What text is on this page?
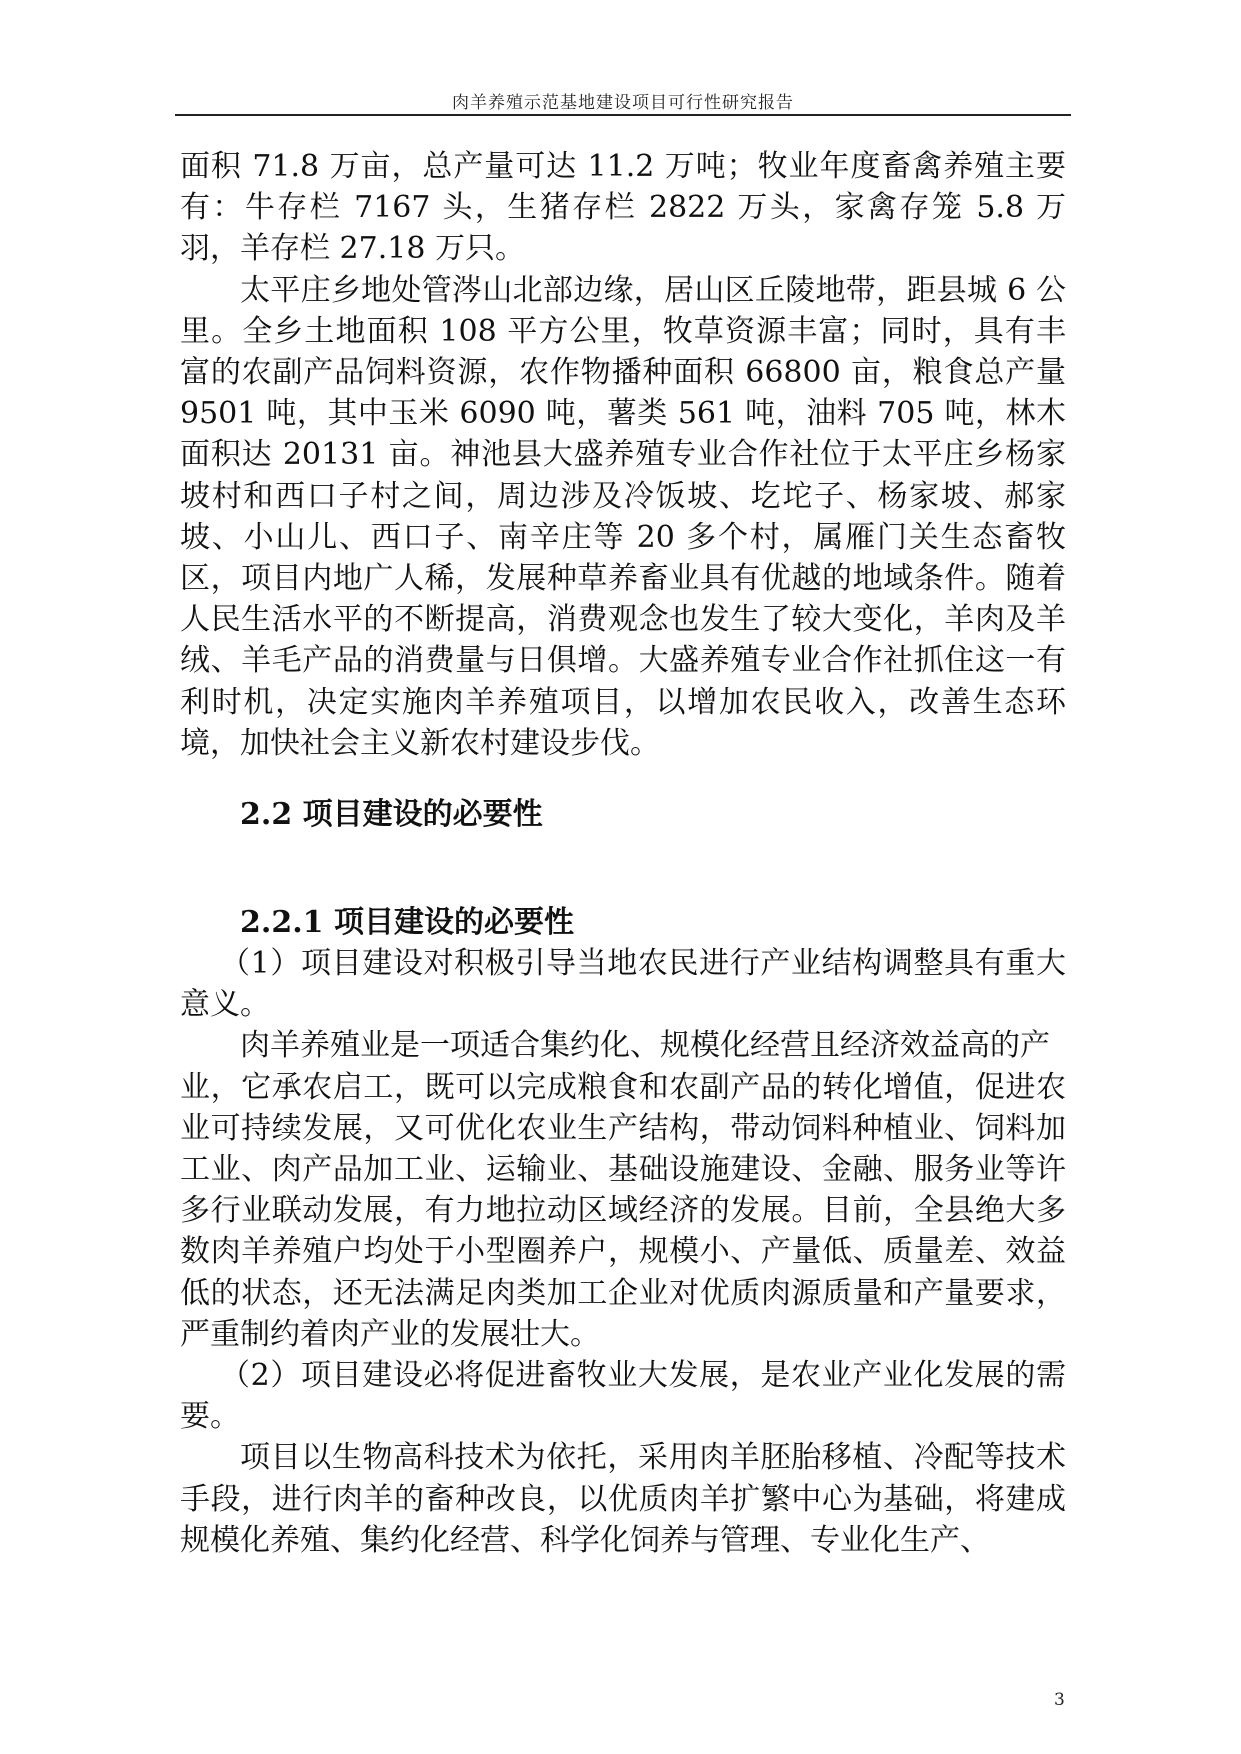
肉羊养殖示范基地建设项目可行性研究报告

面积 71.8 万亩，总产量可达 11.2 万吨；牧业年度畜禽养殖主要有：牛存栏 7167 头，生猪存栏 2822 万头，家禽存笼 5.8 万羽，羊存栏 27.18 万只。

太平庄乡地处管涔山北部边缘，居山区丘陵地带，距县城 6 公里。全乡土地面积 108 平方公里，牧草资源丰富；同时，具有丰富的农副产品饲料资源，农作物播种面积 66800 亩，粮食总产量 9501 吨，其中玉米 6090 吨，薯类 561 吨，油料 705 吨，林木面积达 20131 亩。神池县大盛养殖专业合作社位于太平庄乡杨家坡村和西口子村之间，周边涉及冷饭坡、圪坨子、杨家坡、郝家坡、小山儿、西口子、南辛庄等 20 多个村，属雁门关生态畜牧区，项目内地广人稀，发展种草养畜业具有优越的地域条件。随着人民生活水平的不断提高，消费观念也发生了较大变化，羊肉及羊绒、羊毛产品的消费量与日俱增。大盛养殖专业合作社抓住这一有利时机，决定实施肉羊养殖项目，以增加农民收入，改善生态环境，加快社会主义新农村建设步伐。

2.2 项目建设的必要性

2.2.1 项目建设的必要性

（1）项目建设对积极引导当地农民进行产业结构调整具有重大意义。

肉羊养殖业是一项适合集约化、规模化经营且经济效益高的产

业，它承农启工，既可以完成粮食和农副产品的转化增值，促进农业可持续发展，又可优化农业生产结构，带动饲料种植业、饲料加工业、肉产品加工业、运输业、基础设施建设、金融、服务业等许多行业联动发展，有力地拉动区域经济的发展。目前，全县绝大多数肉羊养殖户均处于小型圈养户，规模小、产量低、质量差、效益低的状态，还无法满足肉类加工企业对优质肉源质量和产量要求，严重制约着肉产业的发展壮大。

（2）项目建设必将促进畜牧业大发展，是农业产业化发展的需要。

项目以生物高科技术为依托，采用肉羊胚胎移植、冷配等技术手段，进行肉羊的畜种改良，以优质肉羊扩繁中心为基础，将建成规模化养殖、集约化经营、科学化饲养与管理、专业化生产、

3
